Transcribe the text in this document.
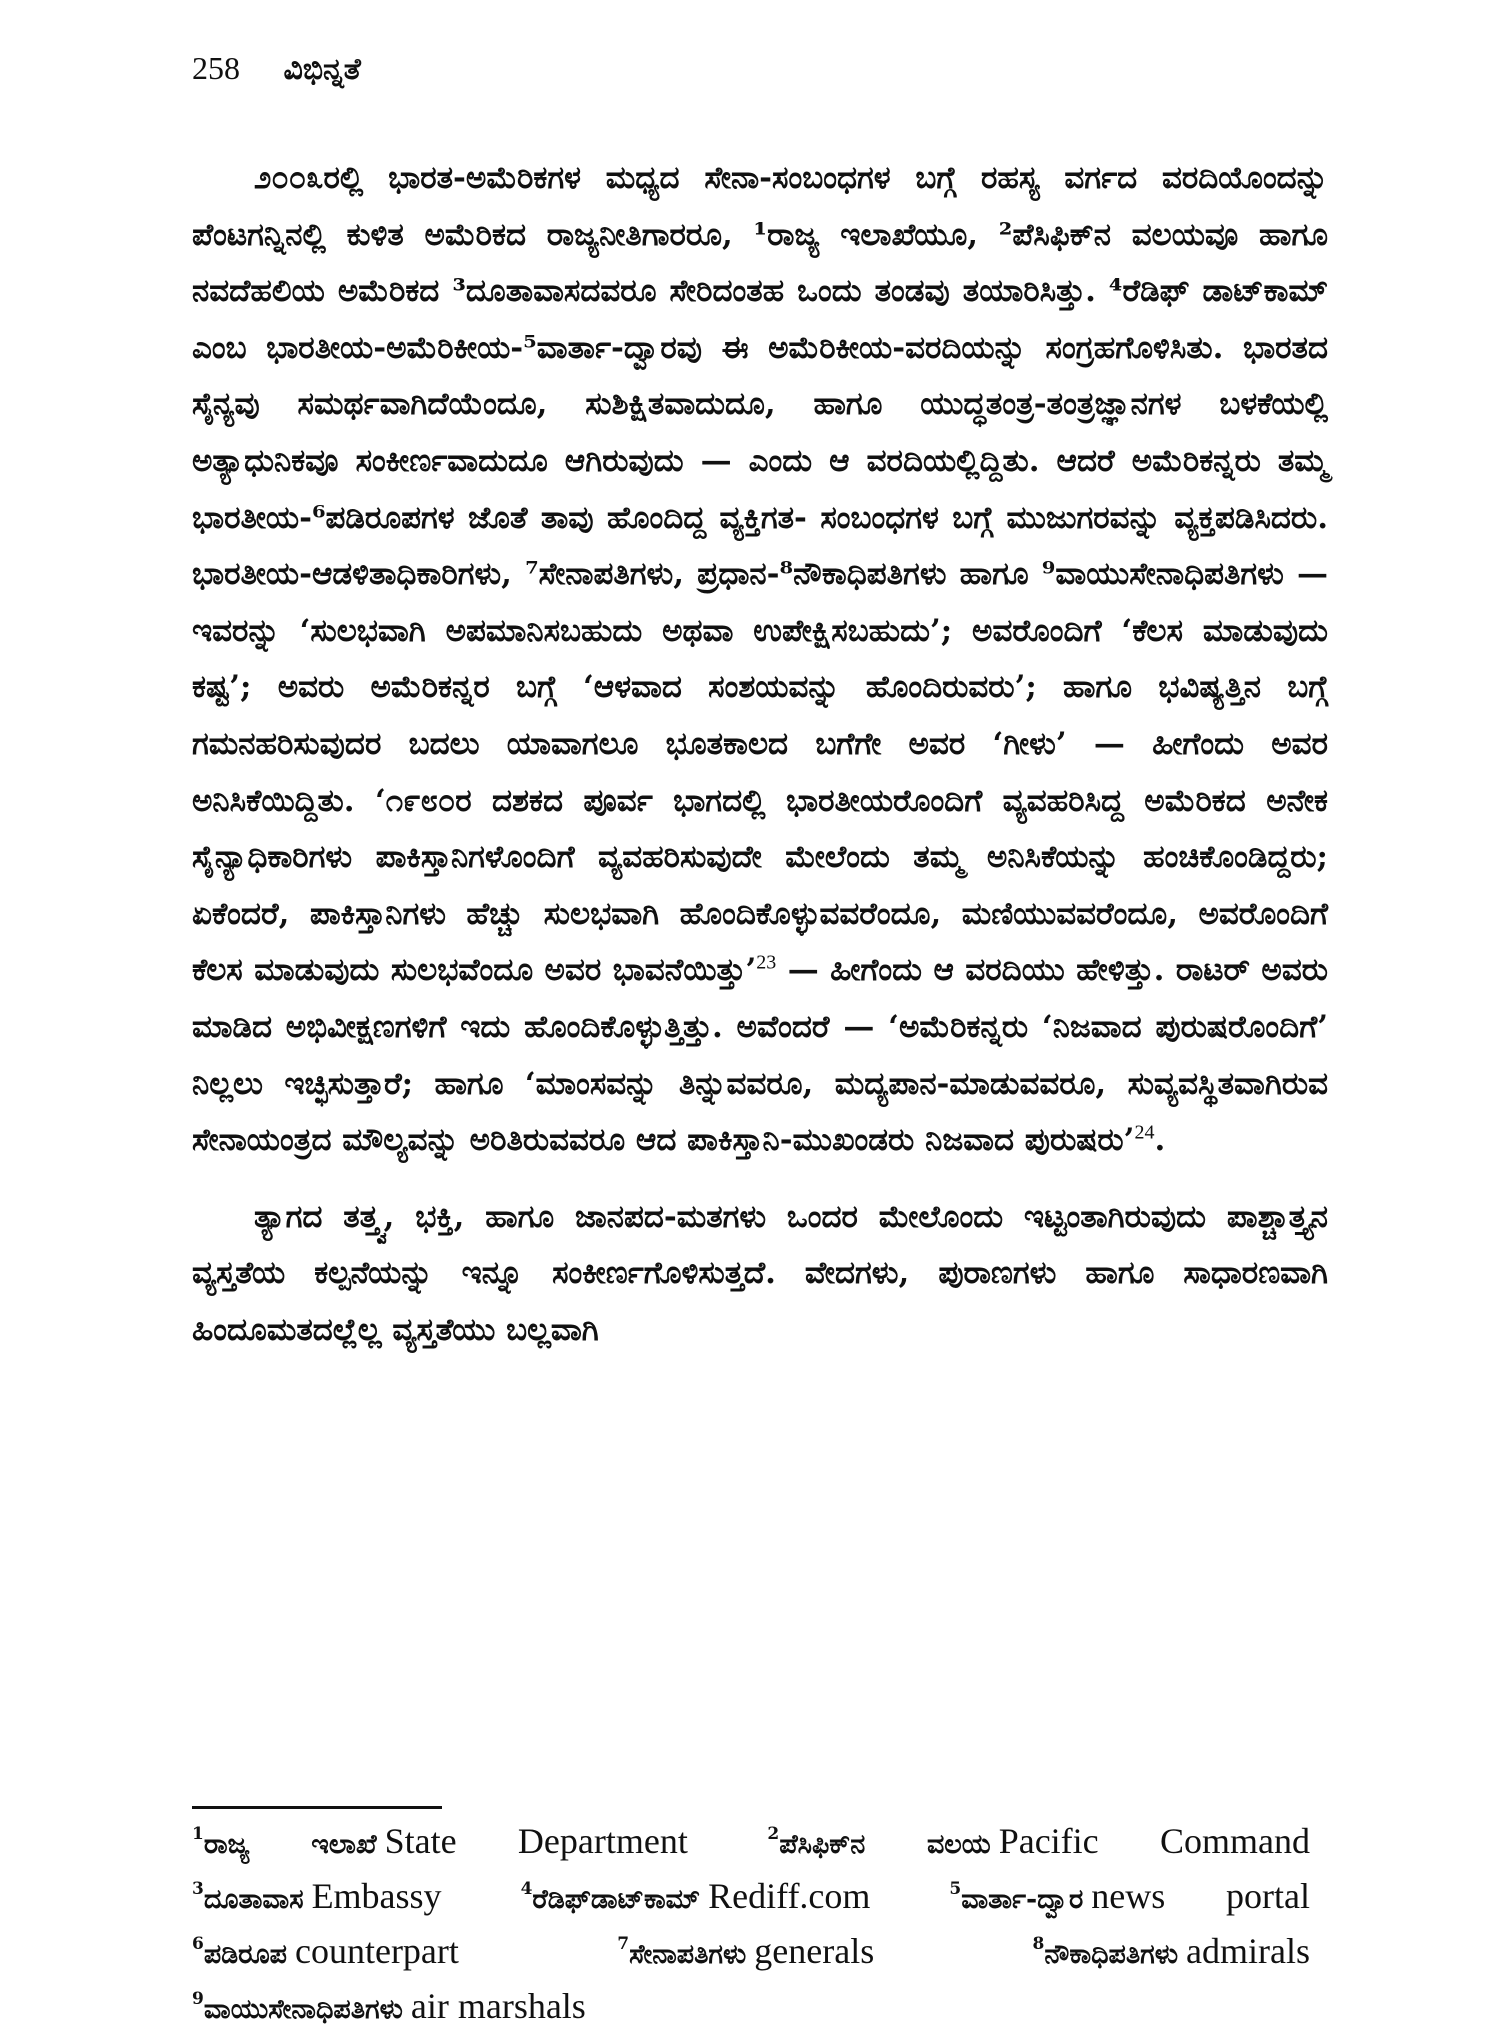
258 ವಿಭಿನ್ನತೆ

೨೦೦೩ರಲ್ಲಿ ಭಾರತ-ಅಮೆರಿಕಗಳ ಮಧ್ಯದ ಸೇನಾ-ಸಂಬಂಧಗಳ ಬಗ್ಗೆ ರಹಸ್ಯ ವರ್ಗದ ವರದಿಯೊಂದನ್ನು ಪೆಂಟಗನ್ನಿನಲ್ಲಿ ಕುಳಿತ ಅಮೆರಿಕದ ರಾಜ್ಯನೀತಿಗಾರರೂ, ¹ರಾಜ್ಯ ಇಲಾಖೆಯೂ, ²ಪೆಸಿಫಿಕ್‌ನ ವಲಯವೂ ಹಾಗೂ ನವದೆಹಲಿಯ ಅಮೆರಿಕದ ³ದೂತಾವಾಸದವರೂ ಸೇರಿದಂತಹ ಒಂದು ತಂಡವು ತಯಾರಿಸಿತ್ತು. ⁴ರೆಡಿಫ್ ಡಾಟ್‌ಕಾಮ್ ಎಂಬ ಭಾರತೀಯ-ಅಮೆರಿಕೀಯ-⁵ವಾರ್ತಾ-ದ್ವಾರವು ಈ ಅಮೆರಿಕೀಯ-ವರದಿಯನ್ನು ಸಂಗ್ರಹಗೊಳಿಸಿತು. ಭಾರತದ ಸೈನ್ಯವು ಸಮರ್ಥವಾಗಿದೆಯೆಂದೂ, ಸುಶಿಕ್ಷಿತವಾದುದೂ, ಹಾಗೂ ಯುದ್ಧತಂತ್ರ-ತಂತ್ರಜ್ಞಾನಗಳ ಬಳಕೆಯಲ್ಲಿ ಅತ್ಯಾಧುನಿಕವೂ ಸಂಕೀರ್ಣವಾದುದೂ ಆಗಿರುವುದು — ಎಂದು ಆ ವರದಿಯಲ್ಲಿದ್ದಿತು. ಆದರೆ ಅಮೆರಿಕನ್ನರು ತಮ್ಮ ಭಾರತೀಯ-⁶ಪಡಿರೂಪಗಳ ಜೊತೆ ತಾವು ಹೊಂದಿದ್ದ ವ್ಯಕ್ತಿಗತ- ಸಂಬಂಧಗಳ ಬಗ್ಗೆ ಮುಜುಗರವನ್ನು ವ್ಯಕ್ತಪಡಿಸಿದರು. ಭಾರತೀಯ-ಆಡಳಿತಾಧಿಕಾರಿಗಳು, ⁷ಸೇನಾಪತಿಗಳು, ಪ್ರಧಾನ-⁸ನೌಕಾಧಿಪತಿಗಳು ಹಾಗೂ ⁹ವಾಯುಸೇನಾಧಿಪತಿಗಳು — ಇವರನ್ನು ‘ಸುಲಭವಾಗಿ ಅಪಮಾನಿಸಬಹುದು ಅಥವಾ ಉಪೇಕ್ಷಿಸಬಹುದು’; ಅವರೊಂದಿಗೆ ‘ಕೆಲಸ ಮಾಡುವುದು ಕಷ್ಟ’; ಅವರು ಅಮೆರಿಕನ್ನರ ಬಗ್ಗೆ ‘ಆಳವಾದ ಸಂಶಯವನ್ನು ಹೊಂದಿರುವರು’; ಹಾಗೂ ಭವಿಷ್ಯತ್ತಿನ ಬಗ್ಗೆ ಗಮನಹರಿಸುವುದರ ಬದಲು ಯಾವಾಗಲೂ ಭೂತಕಾಲದ ಬಗೆಗೇ ಅವರ ‘ಗೀಳು’ — ಹೀಗೆಂದು ಅವರ ಅನಿಸಿಕೆಯಿದ್ದಿತು. ‘೧೯೮೦ರ ದಶಕದ ಪೂರ್ವ ಭಾಗದಲ್ಲಿ ಭಾರತೀಯರೊಂದಿಗೆ ವ್ಯವಹರಿಸಿದ್ದ ಅಮೆರಿಕದ ಅನೇಕ ಸೈನ್ಯಾಧಿಕಾರಿಗಳು ಪಾಕಿಸ್ತಾನಿಗಳೊಂದಿಗೆ ವ್ಯವಹರಿಸುವುದೇ ಮೇಲೆಂದು ತಮ್ಮ ಅನಿಸಿಕೆಯನ್ನು ಹಂಚಿಕೊಂಡಿದ್ದರು; ಏಕೆಂದರೆ, ಪಾಕಿಸ್ತಾನಿಗಳು ಹೆಚ್ಚು ಸುಲಭವಾಗಿ ಹೊಂದಿಕೊಳ್ಳುವವರೆಂದೂ, ಮಣಿಯುವವರೆಂದೂ, ಅವರೊಂದಿಗೆ ಕೆಲಸ ಮಾಡುವುದು ಸುಲಭವೆಂದೂ ಅವರ ಭಾವನೆಯಿತ್ತು’$^{23}$ — ಹೀಗೆಂದು ಆ ವರದಿಯು ಹೇಳಿತ್ತು. ರಾಟರ್ ಅವರು ಮಾಡಿದ ಅಭಿವೀಕ್ಷಣಗಳಿಗೆ ಇದು ಹೊಂದಿಕೊಳ್ಳುತ್ತಿತ್ತು. ಅವೆಂದರೆ — ‘ಅಮೆರಿಕನ್ನರು ‘ನಿಜವಾದ ಪುರುಷರೊಂದಿಗೆ’ ನಿಲ್ಲಲು ಇಚ್ಛಿಸುತ್ತಾರೆ; ಹಾಗೂ ‘ಮಾಂಸವನ್ನು ತಿನ್ನುವವರೂ, ಮದ್ಯಪಾನ-ಮಾಡುವವರೂ, ಸುವ್ಯವಸ್ಥಿತವಾಗಿರುವ ಸೇನಾಯಂತ್ರದ ಮೌಲ್ಯವನ್ನು ಅರಿತಿರುವವರೂ ಆದ ಪಾಕಿಸ್ತಾನಿ-ಮುಖಂಡರು ನಿಜವಾದ ಪುರುಷರು’$^{24}$.

ತ್ಯಾಗದ ತತ್ತ್ವ, ಭಕ್ತಿ, ಹಾಗೂ ಜಾನಪದ-ಮತಗಳು ಒಂದರ ಮೇಲೊಂದು ಇಟ್ಟಂತಾಗಿರುವುದು ಪಾಶ್ಚಾತ್ತ್ಯನ ವ್ಯಸ್ತತೆಯ ಕಲ್ಪನೆಯನ್ನು ಇನ್ನೂ ಸಂಕೀರ್ಣಗೊಳಿಸುತ್ತದೆ. ವೇದಗಳು, ಪುರಾಣಗಳು ಹಾಗೂ ಸಾಧಾರಣವಾಗಿ ಹಿಂದೂಮತದಲ್ಲೆಲ್ಲ ವ್ಯಸ್ತತೆಯು ಬಲ್ಲವಾಗಿ

$^1$ರಾಜ್ಯ ಇಲಾಖೆ State Department	$^2$ಪೆಸಿಫಿಕ್‌ನ ವಲಯ Pacific Command $^3$ದೂತಾವಾಸ Embassy	$^4$ರೆಡಿಫ್‌ಡಾಟ್‌ಕಾಮ್ Rediff.com	$^5$ವಾರ್ತಾ-ದ್ವಾರ news portal $^6$ಪಡಿರೂಪ counterpart	$^7$ಸೇನಾಪತಿಗಳು generals	$^8$ನೌಕಾಧಿಪತಿಗಳು admirals $^9$ವಾಯುಸೇನಾಧಿಪತಿಗಳು air marshals
